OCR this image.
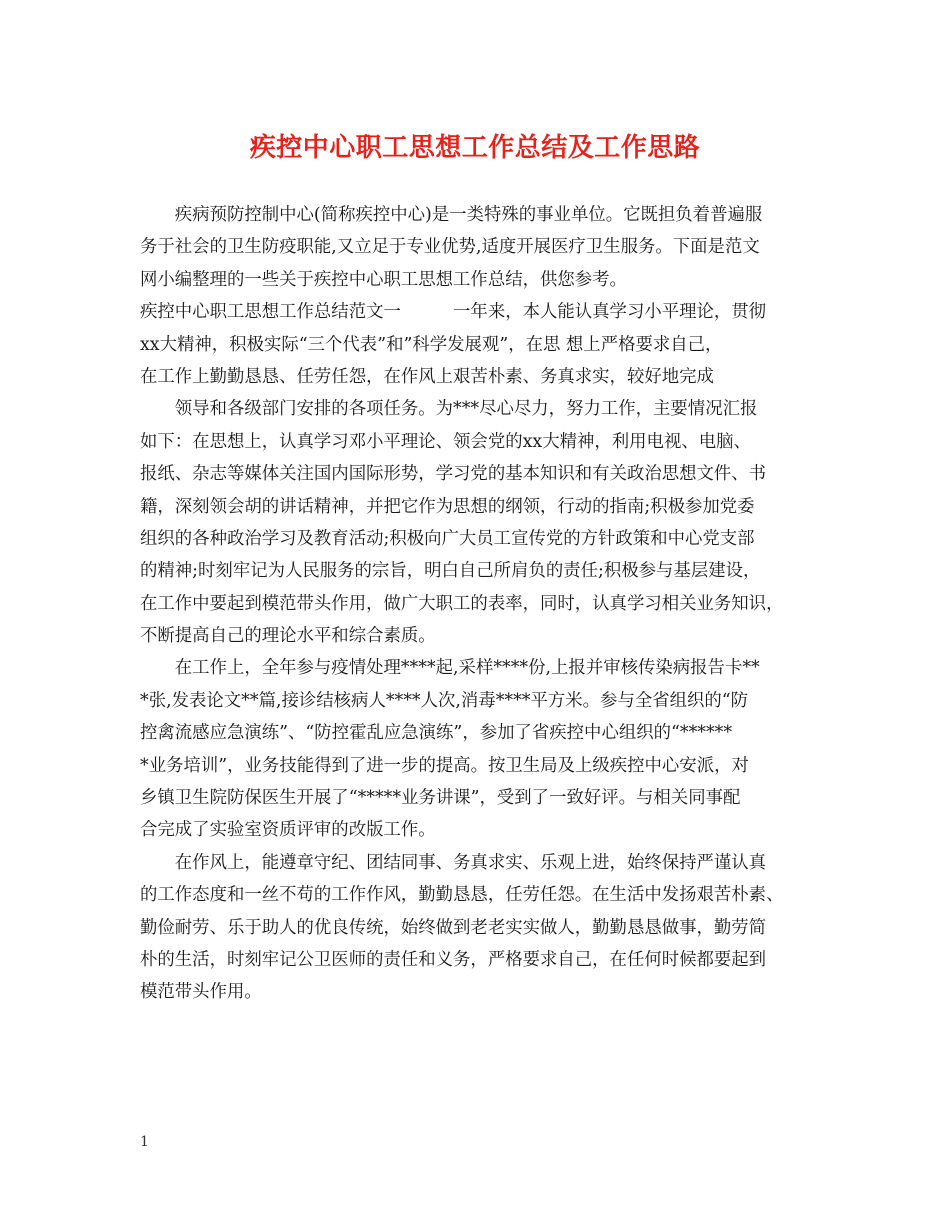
疾控中心职工思想工作总结及工作思路
　　疾病预防控制中心(简称疾控中心)是一类特殊的事业单位。它既担负着普遍服
务于社会的卫生防疫职能,又立足于专业优势,适度开展医疗卫生服务。下面是范文
网小编整理的一些关于疾控中心职工思想工作总结，供您参考。
疾控中心职工思想工作总结范文一　　　一年来，本人能认真学习小平理论，贯彻
xx大精神，积极实际“三个代表”和”科学发展观”，在思 想上严格要求自己，
在工作上勤勤恳恳、任劳任怨，在作风上艰苦朴素、务真求实，较好地完成
　　领导和各级部门安排的各项任务。为***尽心尽力，努力工作，主要情况汇报
如下：在思想上，认真学习邓小平理论、领会党的xx大精神，利用电视、电脑、
报纸、杂志等媒体关注国内国际形势，学习党的基本知识和有关政治思想文件、书
籍，深刻领会胡的讲话精神，并把它作为思想的纲领，行动的指南;积极参加党委
组织的各种政治学习及教育活动;积极向广大员工宣传党的方针政策和中心党支部
的精神;时刻牢记为人民服务的宗旨，明白自己所肩负的责任;积极参与基层建设，
在工作中要起到模范带头作用，做广大职工的表率，同时，认真学习相关业务知识，
不断提高自己的理论水平和综合素质。
　　在工作上，全年参与疫情处理****起,采样****份,上报并审核传染病报告卡**
*张,发表论文**篇,接诊结核病人****人次,消毒****平方米。参与全省组织的“防
控禽流感应急演练”、“防控霍乱应急演练”，参加了省疾控中心组织的“******
*业务培训”，业务技能得到了进一步的提高。按卫生局及上级疾控中心安派，对
乡镇卫生院防保医生开展了“*****业务讲课”，受到了一致好评。与相关同事配
合完成了实验室资质评审的改版工作。
　　在作风上，能遵章守纪、团结同事、务真求实、乐观上进，始终保持严谨认真
的工作态度和一丝不苟的工作作风，勤勤恳恳，任劳任怨。在生活中发扬艰苦朴素、
勤俭耐劳、乐于助人的优良传统，始终做到老老实实做人，勤勤恳恳做事，勤劳简
朴的生活，时刻牢记公卫医师的责任和义务，严格要求自己，在任何时候都要起到
模范带头作用。
1
